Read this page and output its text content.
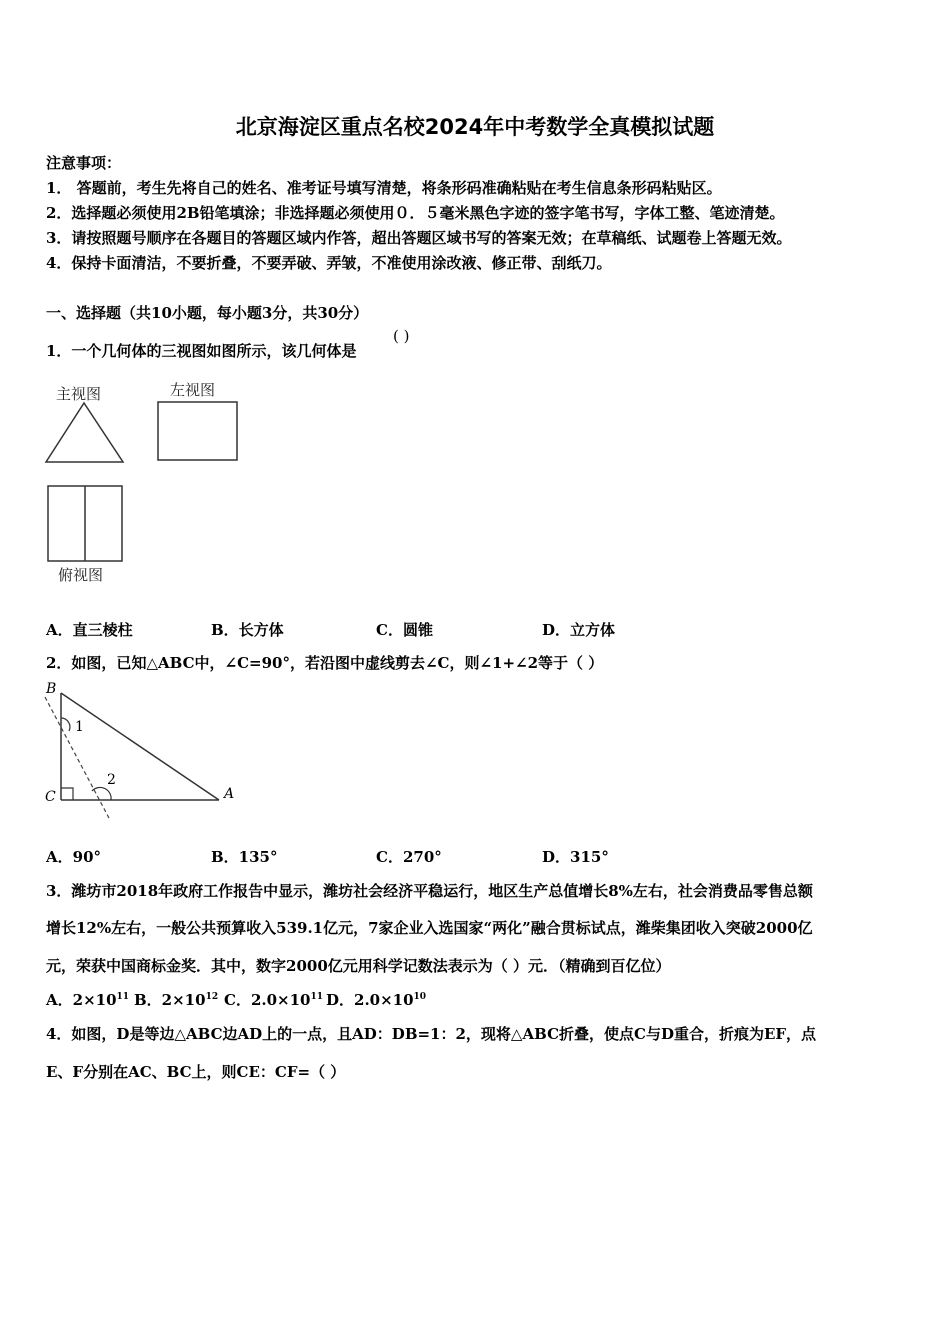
北京海淀区重点名校2024年中考数学全真模拟试题
注意事项：
1． 答题前，考生先将自己的姓名、准考证号填写清楚，将条形码准确粘贴在考生信息条形码粘贴区。
2．选择题必须使用2B铅笔填涂；非选择题必须使用０．５毫米黑色字迹的签字笔书写，字体工整、笔迹清楚。
3．请按照题号顺序在各题目的答题区域内作答，超出答题区域书写的答案无效；在草稿纸、试题卷上答题无效。
4．保持卡面清洁，不要折叠，不要弄破、弄皱，不准使用涂改液、修正带、刮纸刀。
一、选择题（共10小题，每小题3分，共30分）
1．一个几何体的三视图如图所示，该几何体是
( )
主视图	左视图
俯视图
A．直三棱柱	B．长方体	C．圆锥	D．立方体
2．如图，已知△ABC中，∠C=90°，若沿图中虚线剪去∠C，则∠1+∠2等于（ ）
B
C	A
1
2
A．90°	B．135°	C．270°	D．315°
3．潍坊市2018年政府工作报告中显示，潍坊社会经济平稳运行，地区生产总值增长8%左右，社会消费品零售总额
增长12%左右，一般公共预算收入539.1亿元，7家企业入选国家“两化”融合贯标试点，潍柴集团收入突破2000亿
元，荣获中国商标金奖．其中，数字2000亿元用科学记数法表示为（ ）元．（精确到百亿位）
A．$2\times 10^{11}$ B．$2\times 10^{12}$ C．$2.0\times 10^{11}$ D．$2.0\times 10^{10}$
4．如图，D是等边△ABC边AD上的一点，且AD：DB=1：2，现将△ABC折叠，使点C与D重合，折痕为EF，点
E、F分别在AC、BC上，则CE：CF=（ ）
